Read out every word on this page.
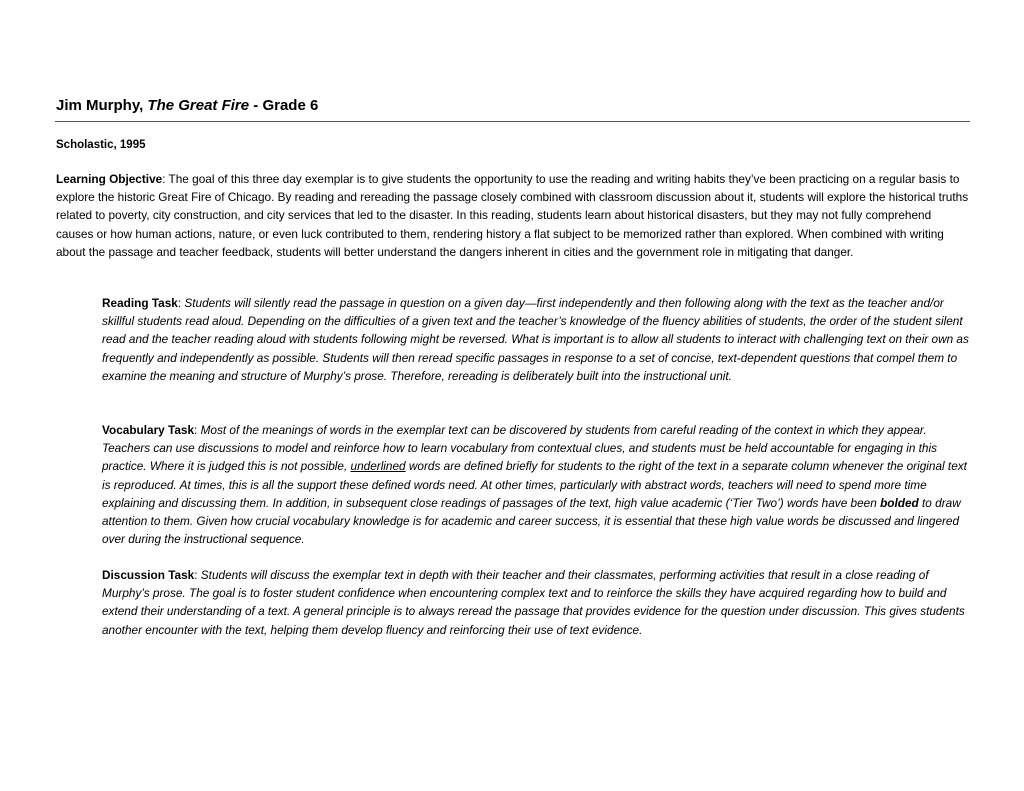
Jim Murphy, The Great Fire - Grade 6
Scholastic, 1995
Learning Objective: The goal of this three day exemplar is to give students the opportunity to use the reading and writing habits they’ve been practicing on a regular basis to explore the historic Great Fire of Chicago. By reading and rereading the passage closely combined with classroom discussion about it, students will explore the historical truths related to poverty, city construction, and city services that led to the disaster. In this reading, students learn about historical disasters, but they may not fully comprehend causes or how human actions, nature, or even luck contributed to them, rendering history a flat subject to be memorized rather than explored. When combined with writing about the passage and teacher feedback, students will better understand the dangers inherent in cities and the government role in mitigating that danger.
Reading Task: Students will silently read the passage in question on a given day—first independently and then following along with the text as the teacher and/or skillful students read aloud. Depending on the difficulties of a given text and the teacher’s knowledge of the fluency abilities of students, the order of the student silent read and the teacher reading aloud with students following might be reversed. What is important is to allow all students to interact with challenging text on their own as frequently and independently as possible. Students will then reread specific passages in response to a set of concise, text-dependent questions that compel them to examine the meaning and structure of Murphy’s prose. Therefore, rereading is deliberately built into the instructional unit.
Vocabulary Task: Most of the meanings of words in the exemplar text can be discovered by students from careful reading of the context in which they appear. Teachers can use discussions to model and reinforce how to learn vocabulary from contextual clues, and students must be held accountable for engaging in this practice. Where it is judged this is not possible, underlined words are defined briefly for students to the right of the text in a separate column whenever the original text is reproduced. At times, this is all the support these defined words need. At other times, particularly with abstract words, teachers will need to spend more time explaining and discussing them. In addition, in subsequent close readings of passages of the text, high value academic (‘Tier Two’) words have been bolded to draw attention to them. Given how crucial vocabulary knowledge is for academic and career success, it is essential that these high value words be discussed and lingered over during the instructional sequence.
Discussion Task: Students will discuss the exemplar text in depth with their teacher and their classmates, performing activities that result in a close reading of Murphy’s prose. The goal is to foster student confidence when encountering complex text and to reinforce the skills they have acquired regarding how to build and extend their understanding of a text. A general principle is to always reread the passage that provides evidence for the question under discussion. This gives students another encounter with the text, helping them develop fluency and reinforcing their use of text evidence.
